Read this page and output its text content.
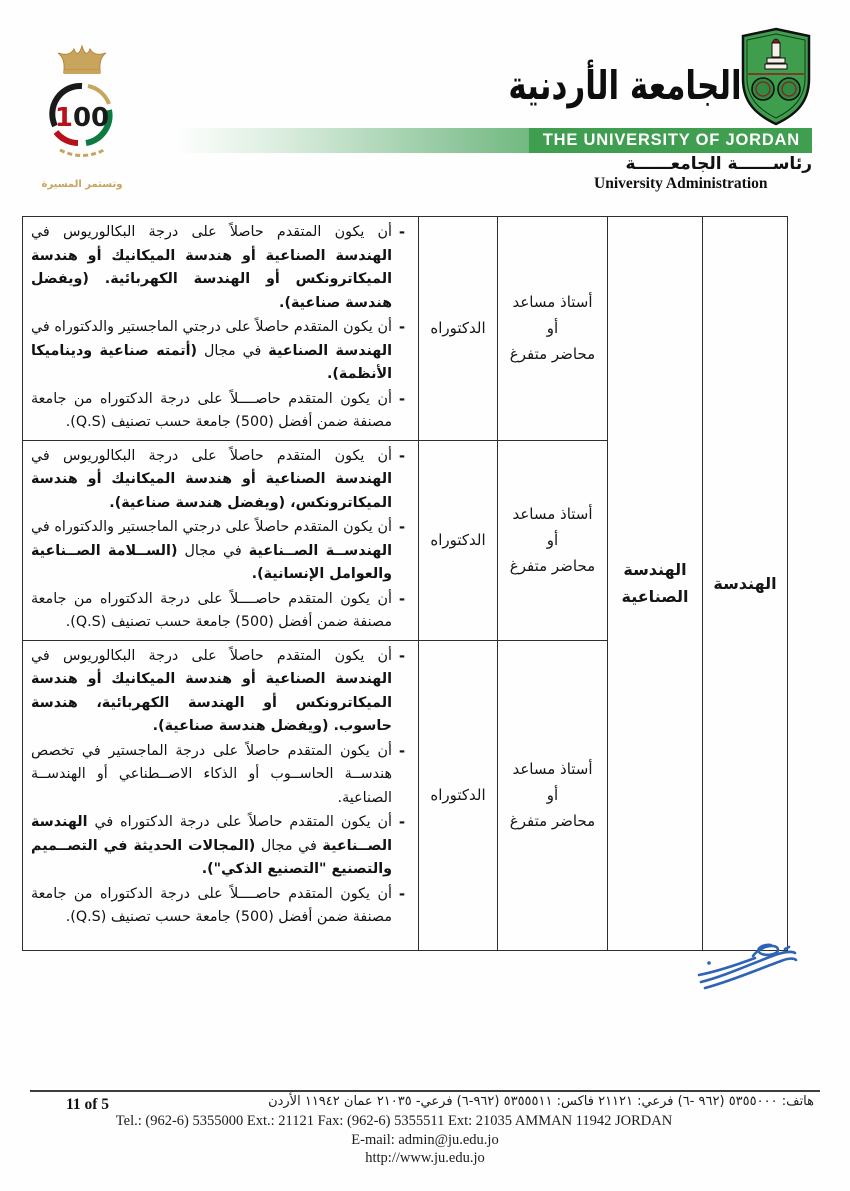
100
وتستمر المسيرة
الجامعة الأردنية
THE UNIVERSITY OF JORDAN
رئاســــــة الجامعــــــة
University Administration
الهندسة	الهندسة الصناعية	
أستاذ مساعد
أو
محاضر متفرغ
	الدكتوراه	
-
أن يكون المتقدم حاصلاً على درجة البكالوريوس في الهندسة الصناعية أو هندسة الميكانيك أو هندسة الميكاترونكس أو الهندسة الكهربائية. (ويفضل هندسة صناعية).
-
أن يكون المتقدم حاصلاً على درجتي الماجستير والدكتوراه في الهندسة الصناعية في مجال (أتمته صناعية وديناميكا الأنظمة).
-
أن يكون المتقدم حاصــــلاً على درجة الدكتوراه من جامعة مصنفة ضمن أفضل (500) جامعة حسب تصنيف (Q.S).

أستاذ مساعد
أو
محاضر متفرغ
	الدكتوراه	
-
أن يكون المتقدم حاصلاً على درجة البكالوريوس في الهندسة الصناعية أو هندسة الميكانيك أو هندسة الميكاترونكس، (ويفضل هندسة صناعية).
-
أن يكون المتقدم حاصلاً على درجتي الماجستير والدكتوراه في الهندســة الصــناعية في مجال (الســلامة الصــناعية والعوامل الإنسانية).
-
أن يكون المتقدم حاصــــلاً على درجة الدكتوراه من جامعة مصنفة ضمن أفضل (500) جامعة حسب تصنيف (Q.S).

أستاذ مساعد
أو
محاضر متفرغ
	الدكتوراه	
-
أن يكون المتقدم حاصلاً على درجة البكالوريوس في الهندسة الصناعية أو هندسة الميكانيك أو هندسة الميكاترونكس أو الهندسة الكهربائية، هندسة حاسوب. (ويفضل هندسة صناعية).
-
أن يكون المتقدم حاصلاً على درجة الماجستير في تخصص هندســة الحاســوب أو الذكاء الاصــطناعي أو الهندســة الصناعية.
-
أن يكون المتقدم حاصلاً على درجة الدكتوراه في الهندسة الصــناعية في مجال (المجالات الحديثة في التصــميم والتصنيع "التصنيع الذكي").
-
أن يكون المتقدم حاصــــلاً على درجة الدكتوراه من جامعة مصنفة ضمن أفضل (500) جامعة حسب تصنيف (Q.S).
11 of 5	هاتف: ٥٣٥٥٠٠٠ (٩٦٢ -٦) فرعي: ٢١١٢١ فاكس: ٥٣٥٥٥١١ (٩٦٢-٦) فرعي- ٢١٠٣٥ عمان ١١٩٤٢ الأردن
Tel.: (962-6) 5355000 Ext.: 21121 Fax: (962-6) 5355511 Ext: 21035 AMMAN 11942 JORDAN
E-mail: admin@ju.edu.jo
http://www.ju.edu.jo
